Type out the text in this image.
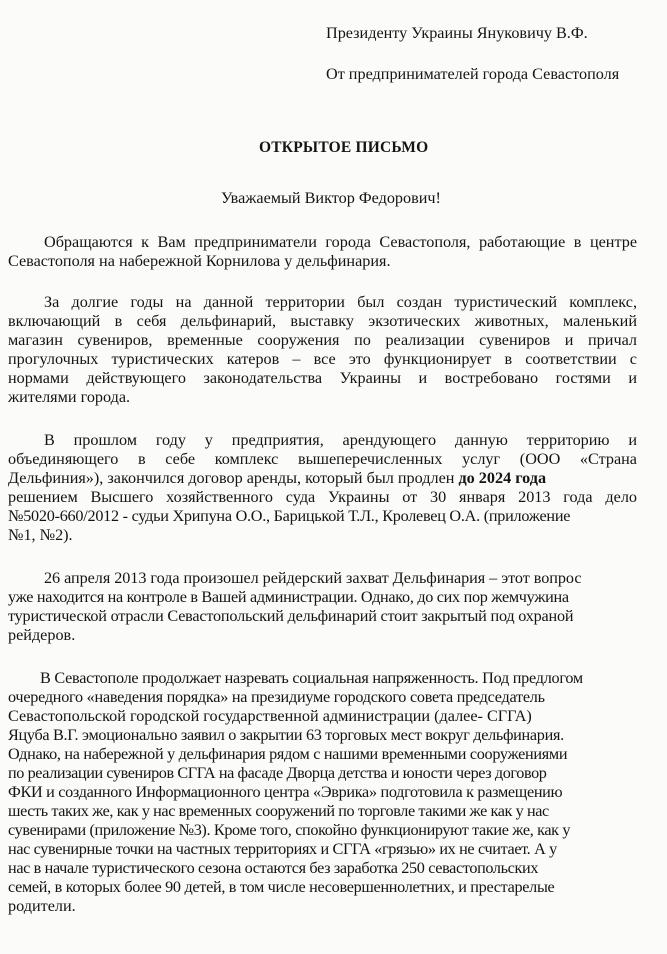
Президенту Украины Януковичу В.Ф.
От предпринимателей города Севастополя
ОТКРЫТОЕ ПИСЬМО
Уважаемый Виктор Федорович!
Обращаются к Вам предприниматели города Севастополя, работающие в центре
Севастополя на набережной Корнилова у дельфинария.
За долгие годы на данной территории был создан туристический комплекс,
включающий в себя дельфинарий, выставку экзотических животных, маленький
магазин сувениров, временные сооружения по реализации сувениров и причал
прогулочных туристических катеров – все это функционирует в соответствии с
нормами действующего законодательства Украины и востребовано гостями и
жителями города.
В прошлом году у предприятия, арендующего данную территорию и
объединяющего в себе комплекс вышеперечисленных услуг (ООО «Страна
Дельфиния»), закончился договор аренды, который был продлен до 2024 года
решением Высшего хозяйственного суда Украины от 30 января 2013 года дело
№5020-660/2012 - судьи Хрипуна О.О., Барицькой Т.Л., Кролевец О.А. (приложение
№1, №2).
26 апреля 2013 года произошел рейдерский захват Дельфинария – этот вопрос
уже находится на контроле в Вашей администрации. Однако, до сих пор жемчужина
туристической отрасли Севастопольский дельфинарий стоит закрытый под охраной
рейдеров.
В Севастополе продолжает назревать социальная напряженность. Под предлогом
очередного «наведения порядка» на президиуме городского совета председатель
Севастопольской городской государственной администрации (далее- СГГА)
Яцуба В.Г. эмоционально заявил о закрытии 63 торговых мест вокруг дельфинария.
Однако, на набережной у дельфинария рядом с нашими временными сооружениями
по реализации сувениров СГГА на фасаде Дворца детства и юности через договор
ФКИ и созданного Информационного центра «Эврика» подготовила к размещению
шесть таких же, как у нас временных сооружений по торговле такими же как у нас
сувенирами (приложение №3). Кроме того, спокойно функционируют такие же, как у
нас сувенирные точки на частных территориях и СГГА «грязью» их не считает. А у
нас в начале туристического сезона остаются без заработка 250 севастопольских
семей, в которых более 90 детей, в том числе несовершеннолетних, и престарелые
родители.
